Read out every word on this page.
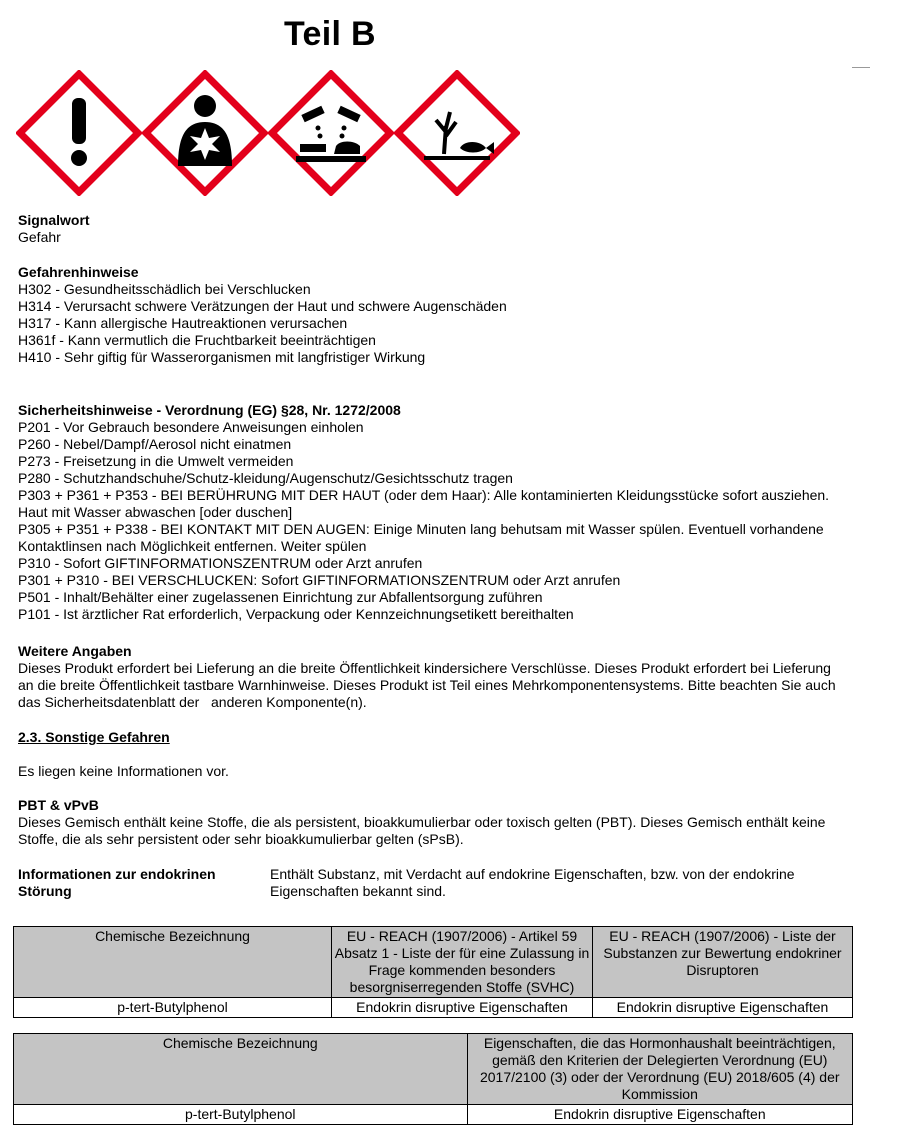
Teil B
Signalwort
Gefahr
Gefahrenhinweise
H302 - Gesundheitsschädlich bei Verschlucken
H314 - Verursacht schwere Verätzungen der Haut und schwere Augenschäden
H317 - Kann allergische Hautreaktionen verursachen
H361f - Kann vermutlich die Fruchtbarkeit beeinträchtigen
H410 - Sehr giftig für Wasserorganismen mit langfristiger Wirkung
Sicherheitshinweise - Verordnung (EG) §28, Nr. 1272/2008
P201 - Vor Gebrauch besondere Anweisungen einholen
P260 - Nebel/Dampf/Aerosol nicht einatmen
P273 - Freisetzung in die Umwelt vermeiden
P280 - Schutzhandschuhe/Schutz-kleidung/Augenschutz/Gesichtsschutz tragen
P303 + P361 + P353 - BEI BERÜHRUNG MIT DER HAUT (oder dem Haar): Alle kontaminierten Kleidungsstücke sofort ausziehen. Haut mit Wasser abwaschen [oder duschen]
P305 + P351 + P338 - BEI KONTAKT MIT DEN AUGEN: Einige Minuten lang behutsam mit Wasser spülen. Eventuell vorhandene Kontaktlinsen nach Möglichkeit entfernen. Weiter spülen
P310 - Sofort GIFTINFORMATIONSZENTRUM oder Arzt anrufen
P301 + P310 - BEI VERSCHLUCKEN: Sofort GIFTINFORMATIONSZENTRUM oder Arzt anrufen
P501 - Inhalt/Behälter einer zugelassenen Einrichtung zur Abfallentsorgung zuführen
P101 - Ist ärztlicher Rat erforderlich, Verpackung oder Kennzeichnungsetikett bereithalten
Weitere Angaben
Dieses Produkt erfordert bei Lieferung an die breite Öffentlichkeit kindersichere Verschlüsse. Dieses Produkt erfordert bei Lieferung an die breite Öffentlichkeit tastbare Warnhinweise. Dieses Produkt ist Teil eines Mehrkomponentensystems. Bitte beachten Sie auch das Sicherheitsdatenblatt der   anderen Komponente(n).
2.3. Sonstige Gefahren
Es liegen keine Informationen vor.
PBT & vPvB
Dieses Gemisch enthält keine Stoffe, die als persistent, bioakkumulierbar oder toxisch gelten (PBT). Dieses Gemisch enthält keine Stoffe, die als sehr persistent oder sehr bioakkumulierbar gelten (sPsB).
Informationen zur endokrinen Störung
Enthält Substanz, mit Verdacht auf endokrine Eigenschaften, bzw. von der endokrine Eigenschaften bekannt sind.
Chemische Bezeichnung	EU - REACH (1907/2006) - Artikel 59 Absatz 1 - Liste der für eine Zulassung in Frage kommenden besonders besorgniserregenden Stoffe (SVHC)	EU - REACH (1907/2006) - Liste der Substanzen zur Bewertung endokriner Disruptoren
p-tert-Butylphenol	Endokrin disruptive Eigenschaften	Endokrin disruptive Eigenschaften
Chemische Bezeichnung	Eigenschaften, die das Hormonhaushalt beeinträchtigen, gemäß den Kriterien der Delegierten Verordnung (EU) 2017/2100 (3) oder der Verordnung (EU) 2018/605 (4) der Kommission
p-tert-Butylphenol	Endokrin disruptive Eigenschaften
